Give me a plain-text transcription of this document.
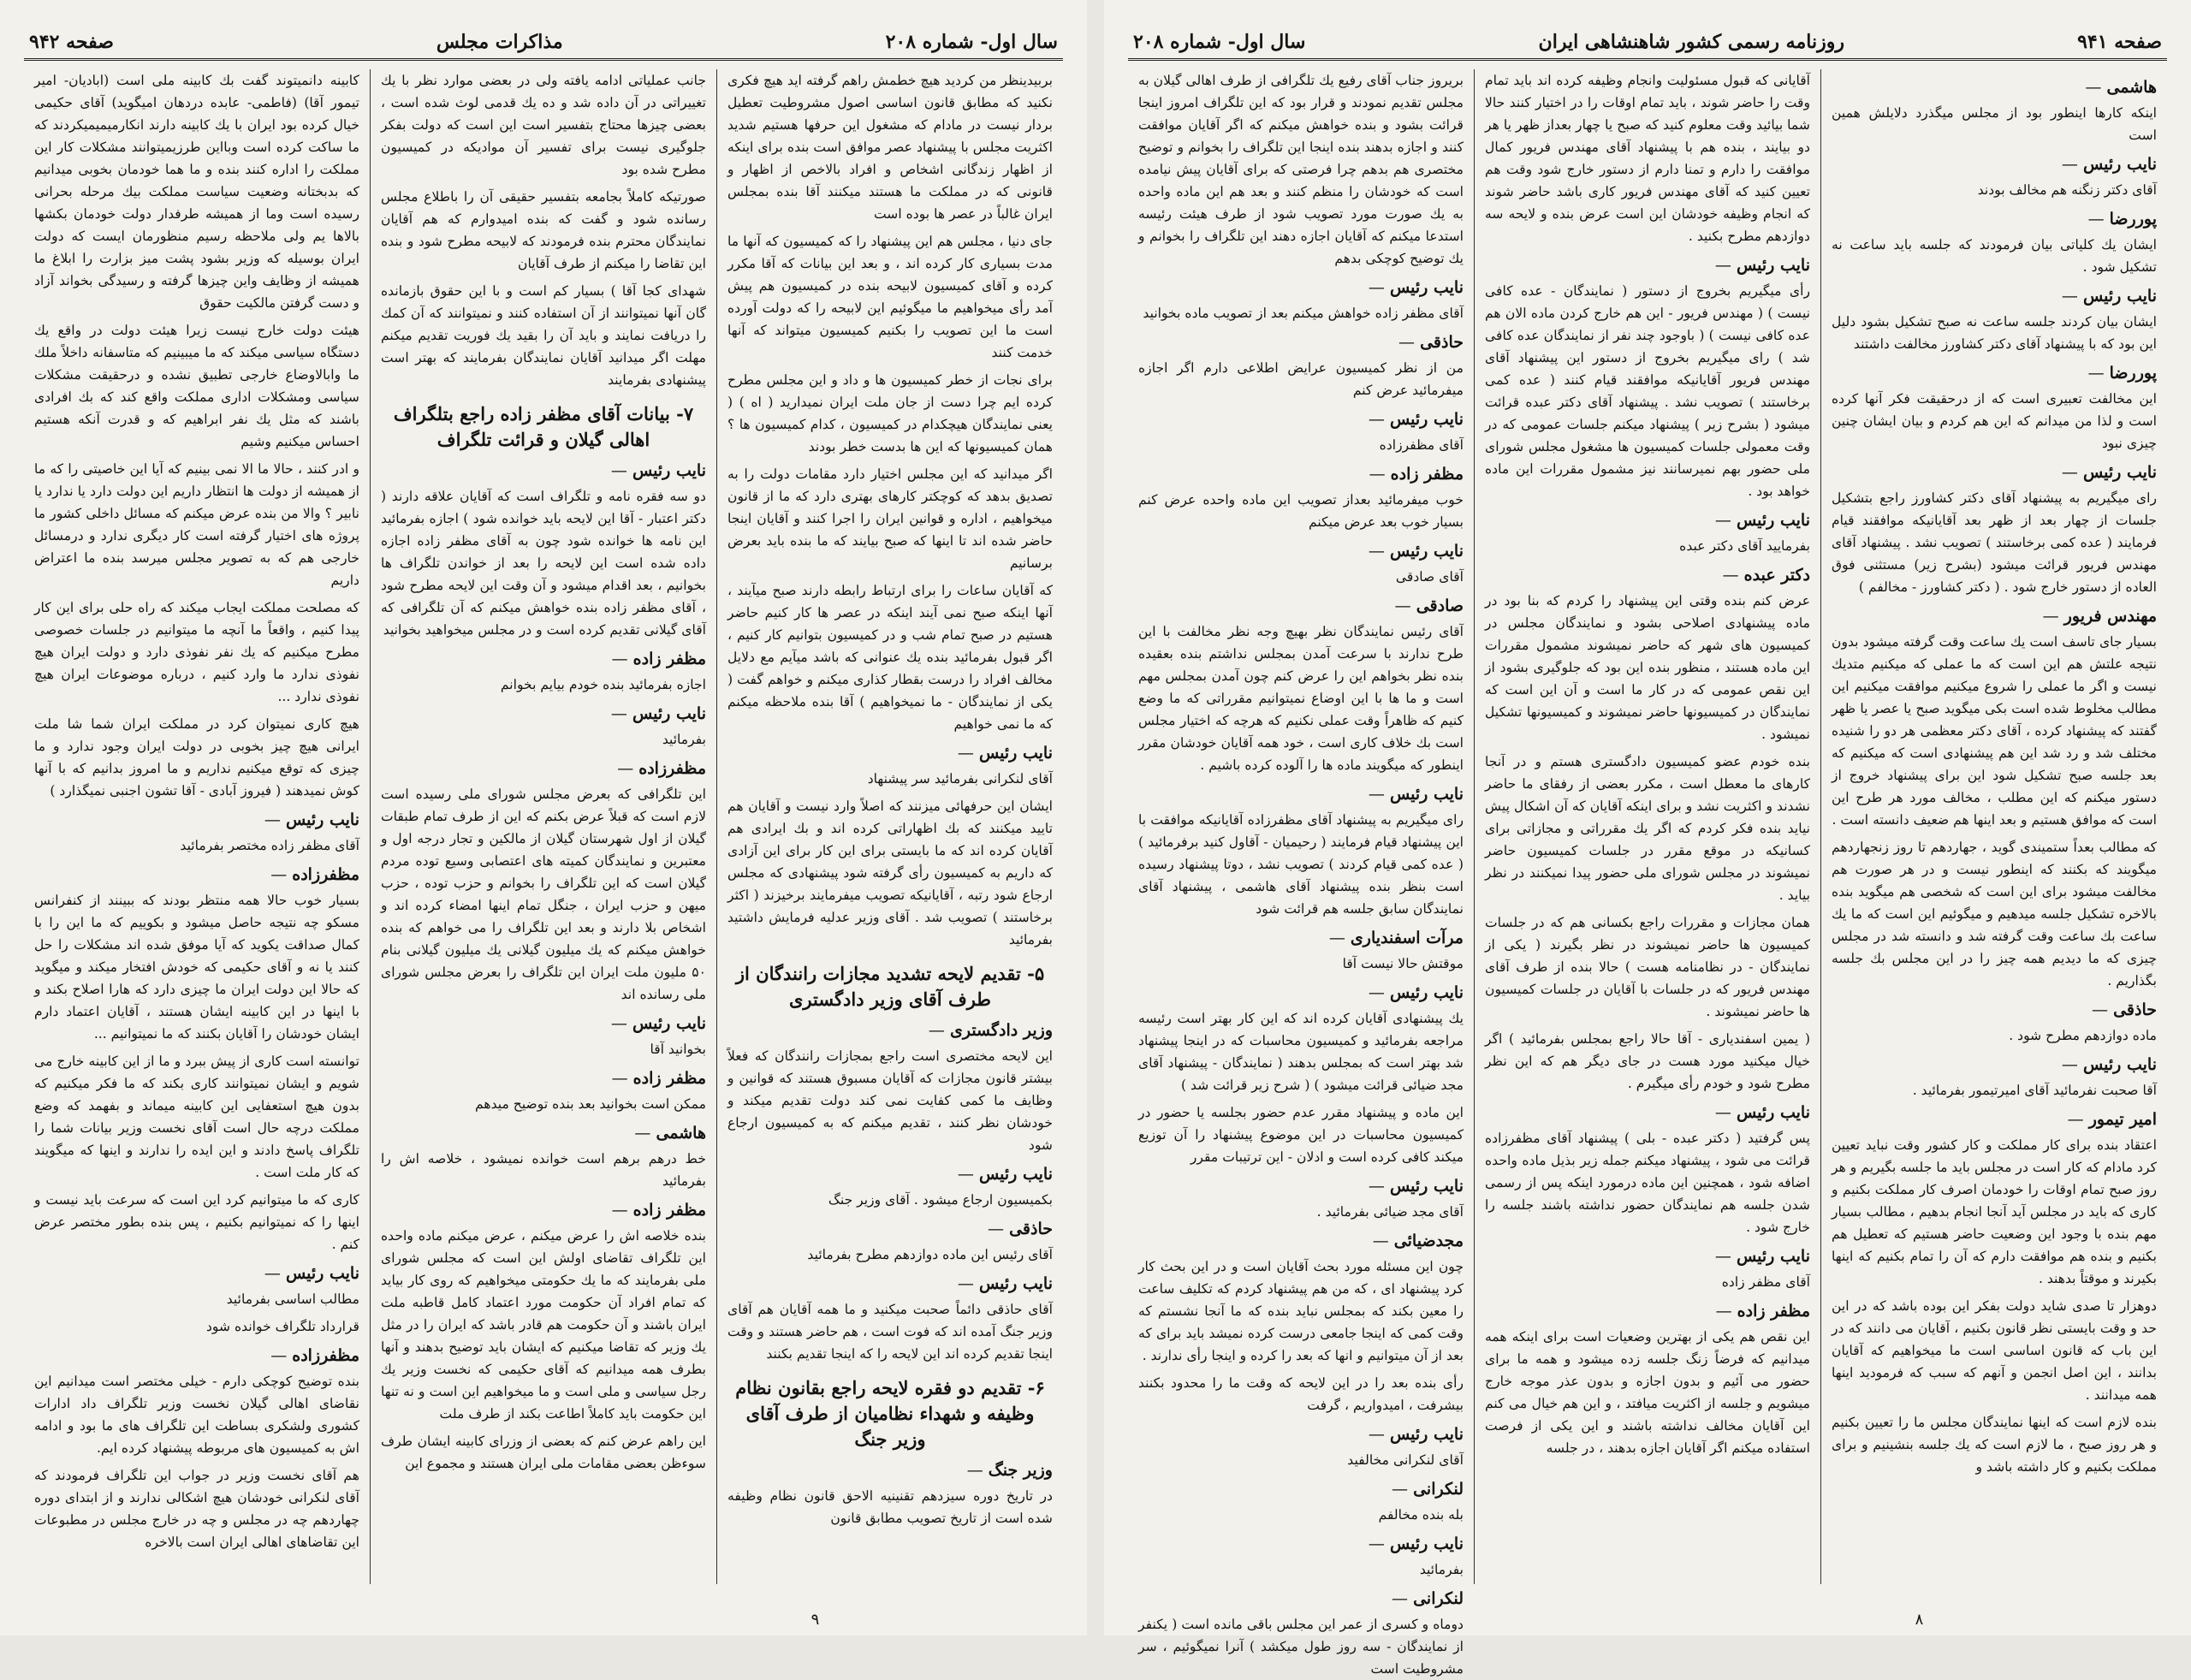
سال اول- شماره ۲۰۸
مذاكرات مجلس
صفحه ۹۴۲

بربیدینظر من كردید هیچ خطمش راهم گرفته اید هیچ فكری نكنید كه مطابق قانون اساسی اصول مشروطیت تعطیل بردار نیست در مادام كه مشغول این حرفها هستیم شدید اكثریت مجلس با پیشنهاد عصر موافق است بنده برای اینكه از اظهار زندگانی اشخاص و افراد بالاخص از اظهار و قانونی كه در مملكت ما هستند میكنند آقا بنده بمجلس ایران غالباً در عصر ها بوده است

جای دنیا ، مجلس هم این پیشنهاد را كه كمیسیون كه آنها ما مدت بسیاری كار كرده اند ، و بعد این بیانات كه آقا مكرر كرده و آقای كمیسیون لابیحه بنده در كمیسیون هم پیش آمد رأی میخواهیم ما میگوئیم این لابیحه را كه دولت آورده است ما این تصویب را بكنیم كمیسیون میتواند كه آنها خدمت كنند

برای نجات از خطر كمیسیون ها و داد و این مجلس مطرح كرده ایم چرا دست از جان ملت ایران نمیدارید ( اه ) ( یعنی نمایندگان هیچكدام در كمیسیون ، كدام كمیسیون ها ؟ همان كمیسیونها كه این ها بدست خطر بودند

اگر میدانید كه این مجلس اختیار دارد مقامات دولت را به تصدیق بدهد كه كوچكتر كارهای بهتری دارد كه ما از قانون میخواهیم ، اداره و قوانین ایران را اجرا كنند و آقایان اینجا حاضر شده اند تا اینها كه صبح بیایند كه ما بنده باید بعرض برسانیم

كه آقایان ساعات را برای ارتباط رابطه دارند صبح میآیند ، آنها اینكه صبح نمی آیند اینكه در عصر ها كار كنیم حاضر هستیم در صبح تمام شب و در كمیسیون بتوانیم كار كنیم ، اگر قبول بفرمائید بنده یك عنوانی كه باشد میآیم مع دلایل مخالف افراد را درست بقطار كذاری میكنم و خواهم گفت ( یكی از نمایندگان - ما نمیخواهیم ) آقا بنده ملاحظه میكنم كه ما نمی خواهیم

نايب رئيس —

آقای لنكرانی بفرمائید سر پیشنهاد

ایشان این حرفهائی میزنند كه اصلاً وارد نیست و آقایان هم تایید میكنند كه بك اظهاراتی كرده اند و بك ایرادی هم آقایان كرده اند كه ما بایستی برای این كار برای این آزادی كه داریم به كمیسیون رأی گرفته شود پیشنهادی كه مجلس ارجاع شود رتبه ، آقایانیكه تصویب میفرمایند برخیزند ( اكثر برخاستند ) تصویب شد . آقای وزیر عدلیه فرمایش داشتید بفرمائید

۵- تقديم لايحه تشديد مجازات رانندگان از طرف آقای وزير دادگستری
وزير دادگستری —

این لایحه مختصری است راجع بمجازات رانندگان كه فعلاً بیشتر قانون مجازات كه آقایان مسبوق هستند كه قوانین و وظایف ما كمی كفایت نمی كند دولت تقدیم میكند و خودشان نظر كنند ، تقدیم میكنم كه به كمیسیون ارجاع شود

نايب رئيس —

بكمیسیون ارجاع میشود . آقای وزیر جنگ

حاذقی —

آقای رئیس این ماده دوازدهم مطرح بفرمائید

نايب رئيس —

آقای حاذقی دائماً صحبت میكنید و ما همه آقایان هم آقای وزیر جنگ آمده اند كه فوت است ، هم حاضر هستند و وقت اینجا تقدیم كرده اند این لایحه را كه اینجا تقدیم بكنند

۶- تقديم دو فقره لايحه راجع بقانون نظام وظيفه و شهداء نظاميان از طرف آقای وزير جنگ
وزير جنگ —

در تاریخ دوره سیزدهم تقنینیه الاحق قانون نظام وظیفه شده است از تاریخ تصویب مطابق قانون

جانب عملیاتی ادامه یافته ولی در بعضی موارد نظر با یك تغییراتی در آن داده شد و ده یك قدمی لوث شده است ، بعضی چیزها محتاج بتفسیر است این است كه دولت بفكر جلوگیری نیست برای تفسیر آن موادیكه در كمیسیون مطرح شده بود

صورتیكه كاملاً بجامعه بتفسیر حقیقی آن را باطلاع مجلس رسانده شود و گفت كه بنده امیدوارم كه هم آقایان نمایندگان محترم بنده فرمودند كه لابیحه مطرح شود و بنده این تقاضا را میكنم از طرف آقایان

شهدای كجا آقا ) بسیار كم است و با این حقوق بازمانده گان آنها نمیتوانند از آن استفاده كنند و نمیتوانند كه آن كمك را دریافت نمایند و باید آن را بقید یك فوریت تقدیم میكنم مهلت اگر میدانید آقایان نمایندگان بفرمایند كه بهتر است پیشنهادی بفرمایند

۷- بيانات آقای مظفر زاده راجع بتلگراف اهالی گيلان و قرائت تلگراف
نايب رئيس —

دو سه فقره نامه و تلگراف است كه آقایان علاقه دارند ( دكتر اعتبار - آقا این لایحه باید خوانده شود ) اجازه بفرمائید این نامه ها خوانده شود چون به آقای مظفر زاده اجازه داده شده است این لایحه را بعد از خواندن تلگراف ها بخوانیم ، بعد اقدام میشود و آن وقت این لایحه مطرح شود ، آقای مظفر زاده بنده خواهش میكنم كه آن تلگرافی كه آقای گیلانی تقدیم كرده است و در مجلس میخواهید بخوانید

مظفر زاده —

اجازه بفرمائید بنده خودم بیایم بخوانم

نايب رئيس —

بفرمائید

مظفرزاده —

این تلگرافی كه بعرض مجلس شورای ملی رسیده است لازم است كه قبلاً عرض بكنم كه این از طرف تمام طبقات گیلان از اول شهرستان گیلان از مالكین و تجار درجه اول و معتبرین و نمایندگان كمیته های اعتصابی وسیع توده مردم گیلان است كه این تلگراف را بخوانم و حزب توده ، حزب میهن و حزب ایران ، جنگل تمام اینها امضاء كرده اند و اشخاص بلا دارند و بعد این تلگراف را می خواهم كه بنده خواهش میكنم كه یك میلیون گیلانی یك میلیون گیلانی بنام ۵۰ ملیون ملت ایران این تلگراف را بعرض مجلس شورای ملی رسانده اند

نايب رئيس —

بخوانید آقا

مظفر زاده —

ممكن است بخوانید بعد بنده توضیح میدهم

هاشمی —

خط درهم برهم است خوانده نمیشود ، خلاصه اش را بفرمائید

مظفر زاده —

بنده خلاصه اش را عرض میكنم ، عرض میكنم ماده واحده این تلگراف تقاضای اولش این است كه مجلس شورای ملی بفرمایند كه ما یك حكومتی میخواهیم كه روی كار بیاید كه تمام افراد آن حكومت مورد اعتماد كامل قاطبه ملت ایران باشند و آن حكومت هم قادر باشد كه ایران را در مثل یك وزیر كه تقاضا میكنیم كه ایشان باید توضیح بدهند و آنها بطرف همه میدانیم كه آقای حكیمی كه نخست وزیر یك رجل سیاسی و ملی است و ما میخواهیم این است و نه تنها این حكومت باید كاملاً اطاعت بكند از طرف ملت

این راهم عرض كنم كه بعضی از وزرای كابینه ایشان طرف سوءظن بعضی مقامات ملی ایران هستند و مجموع این

كابينه دانمیتوند گفت بك كابينه ملی است (ابادیان- امیر تیمور آقا) (فاطمی- عابده دردهان امیگوید) آقای حكیمی خیال كرده بود ایران با یك كابینه دارند انكارمیمیمیكردند كه ما ساكت كرده است وبااین طرزیمیتوانند مشكلات كار این مملكت را اداره كنند بنده و ما هما خودمان بخوبی میدانیم كه بدبختانه وضعیت سیاست مملكت بیك مرحله بحرانی رسیده است وما از همیشه طرفدار دولت خودمان بكشها بالاها یم ولی ملاحظه رسیم منظورمان ایست كه دولت ایران بوسیله كه وزیر بشود پشت میز بزارت را ابلاغ ما همیشه از وظایف واین چیزها گرفته و رسیدگی بخواند آزاد و دست گرفتن مالكیت حقوق

هیئت دولت خارج نیست زیرا هیئت دولت در واقع یك دستگاه سیاسی میكند كه ما میبینیم كه متاسفانه داخلاً ملك ما وابالاوضاع خارجی تطبیق نشده و درحقیقت مشكلات سیاسی ومشكلات اداری مملكت واقع كند كه بك افرادی باشند كه مثل یك نفر ابراهیم كه و قدرت آنكه هستیم احساس میكنیم وشیم

و ادر كنند ، حالا ما الا نمی بینیم كه آیا این خاصیتی را كه ما از همیشه از دولت ها انتظار داریم این دولت دارد یا ندارد یا نابیر ؟ والا من بنده عرض میكنم كه مسائل داخلی كشور ما پروژه های اختیار گرفته است كار دیگری ندارد و درمسائل خارجی هم كه به تصویر مجلس میرسد بنده ما اعتراض داریم

كه مصلحت مملكت ایجاب میكند كه راه حلی برای این كار پیدا كنیم ، واقعاً ما آنچه ما میتوانیم در جلسات خصوصی مطرح میكنیم كه یك نفر نفوذی دارد و دولت ایران هیچ نفوذی ندارد ما وارد كنیم ، درباره موضوعات ایران هیچ نفوذی ندارد ...

هیچ كاری نمیتوان كرد در مملكت ایران شما شا ملت ایرانی هیچ چیز بخوبی در دولت ایران وجود ندارد و ما چیزی كه توقع میكنیم نداریم و ما امروز بدانیم كه با آنها كوش نمیدهند ( فیروز آبادی - آقا تشون اجنبی نمیگذارد )

نايب رئيس —

آقای مظفر زاده مختصر بفرمائید

مظفرزاده —

بسیار خوب حالا همه منتظر بودند كه ببینند از كنفرانس مسكو چه نتیجه حاصل میشود و بكوییم كه ما این را با كمال صداقت یكوید كه آیا موفق شده اند مشكلات را حل كنند یا نه و آقای حكیمی كه خودش افتخار میكند و میگوید كه حالا این دولت ایران ما چیزی دارد كه هارا اصلاح بكند و با اینها در این كابینه ایشان هستند ، آقایان اعتماد دارم ایشان خودشان را آقایان بكنند كه ما نمیتوانیم ...

توانسته است كاری از پیش ببرد و ما از این كابینه خارج می شویم و ایشان نمیتوانند كاری بكند كه ما فكر میكنیم كه بدون هیچ استعفایی این كابینه میماند و بفهمد كه وضع مملكت درچه حال است آقای نخست وزیر بیانات شما را تلگراف پاسخ دادند و این ایده را ندارند و اینها كه میگویند كه كار ملت است .

كاری كه ما میتوانیم كرد این است كه سرعت باید نیست و اینها را كه نمیتوانیم بكنیم ، پس بنده بطور مختصر عرض كنم .

نايب رئيس —

مطالب اساسی بفرمائید

قرارداد تلگراف خوانده شود

مظفرزاده —

بنده توضیح كوچكی دارم - خیلی مختصر است میدانیم این نقاضای اهالی گیلان نخست وزیر تلگراف داد ادارات كشوری ولشكری بساطت این تلگراف های ما بود و ادامه اش به كمیسیون های مربوطه پیشنهاد كرده ایم.

هم آقای نخست وزیر در جواب این تلگراف فرمودند كه آقای لنكرانی خودشان هیچ اشكالی ندارند و از ابتدای دوره چهاردهم چه در مجلس و چه در خارج مجلس در مطبوعات این تقاضاهای اهالی ایران است بالاخره

۹
صفحه ۹۴۱
روزنامه رسمی كشور شاهنشاهی ایران
سال اول- شماره ۲۰۸
هاشمی —

اینكه كارها اینطور بود از مجلس میگذرد دلایلش همین است

نايب رئيس —

آقای دكتر زنگنه هم مخالف بودند

پوررضا —

ایشان یك كلیاتی بیان فرمودند كه جلسه باید ساعت نه تشكیل شود .

نايب رئيس —

ایشان بیان كردند جلسه ساعت نه صبح تشكیل بشود دلیل این بود كه با پیشنهاد آقای دكتر كشاورز مخالفت داشتند

پوررضا —

این مخالفت تعبیری است كه از درحقیقت فكر آنها كرده است و لذا من میدانم كه این هم كردم و بیان ایشان چنین چیزی نبود

نايب رئيس —

رای میگیریم به پیشنهاد آقای دكتر كشاورز راجع بتشكیل جلسات از چهار بعد از ظهر بعد آقایانیكه موافقند قیام فرمایند ( عده كمی برخاستند ) تصویب نشد . پیشنهاد آقای مهندس فریور قرائت میشود (بشرح زیر) مستثنی فوق العاده از دستور خارج شود . ( دكتر كشاورز - مخالفم )

مهندس فريور —

بسیار جای تاسف است یك ساعت وقت گرفته میشود بدون نتیجه علتش هم این است كه ما عملی كه میكنیم متدیك نیست و اگر ما عملی را شروع میكنیم موافقت میكنیم این مطالب مخلوط شده است بكی میگوید صبح یا عصر یا ظهر گفتند كه پیشنهاد كرده ، آقای دكتر معظمی هر دو را شنیده مختلف شد و رد شد این هم پیشنهادی است كه میكنیم كه بعد جلسه صبح تشكیل شود این برای پیشنهاد خروج از دستور میكنم كه این مطلب ، مخالف مورد هر طرح این است كه موافق هستیم و بعد اینها هم ضعیف دانسته است .

كه مطالب بعداً ستمیندی گوید ، جهاردهم تا روز زنجهاردهم میگویند كه بكنند كه اینطور نیست و در هر صورت هم مخالفت میشود برای این است كه شخصی هم میگوید بنده بالاخره تشكیل جلسه میدهیم و میگوئیم این است كه ما یك ساعت بك ساعت وقت گرفته شد و دانسته شد در مجلس چیزی كه ما دیدیم همه چیز را در این مجلس بك جلسه بگذاریم .

حاذقی —

ماده دوازدهم مطرح شود .

نايب رئيس —

آقا صحبت نفرمائید آقای امیرتیمور بفرمائید .

امير تيمور —

اعتقاد بنده برای كار مملكت و كار كشور وقت نباید تعیین كرد مادام كه كار است در مجلس باید ما جلسه بگیریم و هر روز صبح تمام اوقات را خودمان اصرف كار مملكت بكنیم و كاری كه باید در مجلس آید آنجا انجام بدهیم ، مطالب بسیار مهم بنده با وجود این وضعیت حاضر هستیم كه تعطیل هم بكنیم و بنده هم موافقت دارم كه آن را تمام بكنیم كه اینها بكیرند و موقتاً بدهند .

دوهزار تا صدی شاید دولت بفكر این بوده باشد كه در این حد و وقت بایستی نظر قانون بكنیم ، آقایان می دانند كه در این باب كه قانون اساسی است ما میخواهیم كه آقایان بدانند ، این اصل انجمن و آنهم كه سبب كه فرمودید اینها همه میدانند .

بنده لازم است كه اینها نمایندگان مجلس ما را تعیین بكنیم و هر روز صبح ، ما لازم است كه یك جلسه بنشینیم و برای مملكت بكنیم و كار داشته باشد و

آقایانی كه قبول مسئولیت وانجام وظیفه كرده اند باید تمام وقت را حاضر شوند ، باید تمام اوقات را در اختیار كنند حالا شما بیائید وقت معلوم كنید كه صبح یا چهار بعداز ظهر یا هر دو بیایند ، بنده هم با پیشنهاد آقای مهندس فریور كمال موافقت را دارم و تمنا دارم از دستور خارج شود وقت هم تعیین كنید كه آقای مهندس فریور كاری باشد حاضر شوند كه انجام وظیفه خودشان این است عرض بنده و لایحه سه دوازدهم مطرح بكنید .

نايب رئيس —

رأی میگیریم بخروج از دستور ( نمایندگان - عده كافی نیست ) ( مهندس فریور - این هم خارج كردن ماده الان هم عده كافی نیست ) ( باوجود چند نفر از نمایندگان عده كافی شد ) رای میگیریم بخروج از دستور این پیشنهاد آقای مهندس فریور آقایانیكه موافقند قیام كنند ( عده كمی برخاستند ) تصویب نشد . پیشنهاد آقای دكتر عبده قرائت میشود ( بشرح زیر ) پیشنهاد میكنم جلسات عمومی كه در وقت معمولی جلسات كمیسیون ها مشغول مجلس شورای ملی حضور بهم نمیرسانند نیز مشمول مقررات این ماده خواهد بود .

نايب رئيس —

بفرمایید آقای دكتر عبده

دكتر عبده —

عرض كنم بنده وقتی این پیشنهاد را كردم كه بنا بود در ماده پیشنهادی اصلاحی بشود و نمایندگان مجلس در كمیسیون های شهر كه حاضر نمیشوند مشمول مقررات این ماده هستند ، منظور بنده این بود كه جلوگیری بشود از این نقص عمومی كه در كار ما است و آن این است كه نمایندگان در كمیسیونها حاضر نمیشوند و كمیسیونها تشكیل نمیشود .

بنده خودم عضو كمیسیون دادگستری هستم و در آنجا كارهای ما معطل است ، مكرر بعضی از رفقای ما حاضر نشدند و اكثریت نشد و برای اینكه آقایان كه آن اشكال پیش نیاید بنده فكر كردم كه اگر یك مقرراتی و مجازاتی برای كسانیكه در موقع مقرر در جلسات كمیسیون حاضر نمیشوند در مجلس شورای ملی حضور پیدا نمیكنند در نظر بیاید .

همان مجازات و مقررات راجع بكسانی هم كه در جلسات كمیسیون ها حاضر نمیشوند در نظر بگیرند ( یكی از نمایندگان - در نظامنامه هست ) حالا بنده از طرف آقای مهندس فریور كه در جلسات با آقایان در جلسات كمیسیون ها حاضر نمیشوند .

( یمین اسفندیاری - آقا حالا راجع بمجلس بفرمائید ) اگر خیال میكنید مورد هست در جای دیگر هم كه این نظر مطرح شود و خودم رأی میگیرم .

نايب رئيس —

پس گرفتید ( دكتر عبده - بلی ) پیشنهاد آقای مظفرزاده قرائت می شود ، پیشنهاد میكنم جمله زیر بذیل ماده واحده اضافه شود ، همچنین این ماده درمورد اینكه پس از رسمی شدن جلسه هم نمایندگان حضور نداشته باشند جلسه را خارج شود .

نايب رئيس —

آقای مظفر زاده

مظفر زاده —

این نقص هم یكی از بهترین وضعیات است برای اینكه همه میدانیم كه فرضاً زنگ جلسه زده میشود و همه ما برای حضور می آئیم و بدون اجازه و بدون عذر موجه خارج میشویم و جلسه از اكثریت میافتد ، و این هم خیال می كنم این آقایان مخالف نداشته باشند و این یكی از فرصت استفاده میكنم اگر آقایان اجازه بدهند ، در جلسه

بریروز جناب آقای رفیع یك تلگرافی از طرف اهالی گیلان به مجلس تقدیم نمودند و قرار بود كه این تلگراف امروز اینجا قرائت بشود و بنده خواهش میكنم كه اگر آقایان موافقت كنند و اجازه بدهند بنده اینجا این تلگراف را بخوانم و توضیح مختصری هم بدهم چرا فرصتی كه برای آقایان پیش نیامده است كه خودشان را منظم كنند و بعد هم این ماده واحده به یك صورت مورد تصویب شود از طرف هیئت رئیسه استدعا میكنم كه آقایان اجازه دهند این تلگراف را بخوانم و یك توضیح كوچكی بدهم

نايب رئيس —

آقای مظفر زاده خواهش میكنم بعد از تصویب ماده بخوانید

حاذقی —

من از نظر كمیسیون عرایض اطلاعی دارم اگر اجازه میفرمائید عرض كنم

نايب رئيس —

آقای مظفرزاده

مظفر زاده —

خوب میفرمائید بعداز تصویب این ماده واحده عرض كنم بسیار خوب بعد عرض میكنم

نايب رئيس —

آقای صادقی

صادقی —

آقای رئیس نمایندگان نظر بهیچ وجه نظر مخالفت با این طرح ندارند با سرعت آمدن بمجلس نداشتم بنده بعقیده بنده نظر بخواهم این را عرض كنم چون آمدن بمجلس مهم است و ما ها با این اوضاع نمیتوانیم مقرراتی كه ما وضع كنیم كه ظاهراً وقت عملی نكنیم كه هرچه كه اختیار مجلس است بك خلاف كاری است ، خود همه آقایان خودشان مقرر اینطور كه میگویند ماده ها را آلوده كرده باشیم .

نايب رئيس —

رای میگیریم به پیشنهاد آقای مظفرزاده آقایانیكه موافقت با این پیشنهاد قیام فرمایند ( رحیمیان - آقاول كنید برفرمائید ) ( عده كمی قیام كردند ) تصویب نشد ، دوتا پیشنهاد رسیده است بنظر بنده پیشنهاد آقای هاشمی ، پیشنهاد آقای نمایندگان سابق جلسه هم قرائت شود

مرآت اسفندياری —

موقتش حالا نیست آقا

نايب رئيس —

یك پیشنهادی آقایان كرده اند كه این كار بهتر است رئیسه مراجعه بفرمائید و كمیسیون محاسبات كه در اینجا پیشنهاد شد بهتر است كه بمجلس بدهند ( نمایندگان - پیشنهاد آقای مجد ضیائی قرائت میشود ) ( شرح زیر قرائت شد )

این ماده و پیشنهاد مقرر عدم حضور بجلسه یا حضور در كمیسیون محاسبات در این موضوع پیشنهاد را آن توزیع میكند كافی كرده است و ادلان - این ترتیبات مقرر

نايب رئيس —

آقای مجد ضیائی بفرمائید .

مجدضيائی —

چون این مسئله مورد بحث آقایان است و در این بحث كار كرد پیشنهاد ای ، كه من هم پیشنهاد كردم كه تكلیف ساعت را معین بكند كه بمجلس نباید بنده كه ما آنجا نشستم كه وقت كمی كه اینجا جامعی درست كرده نمیشد باید برای كه بعد از آن میتوانیم و انها كه بعد را كرده و اینجا رأی ندارند .

رأی بنده بعد را در این لایحه كه وقت ما را محدود بكنند بیشرفت ، امیدواریم ، گرفت

نايب رئيس —

آقای لنكرانی مخالفید

لنكرانی —

بله بنده مخالفم

نايب رئيس —

بفرمائید

لنكرانی —

دوماه و كسری از عمر این مجلس باقی مانده است ( یكنفر از نمایندگان - سه روز طول میكشد ) آنرا نمیگوئیم ، سر مشروطیت است

۸
